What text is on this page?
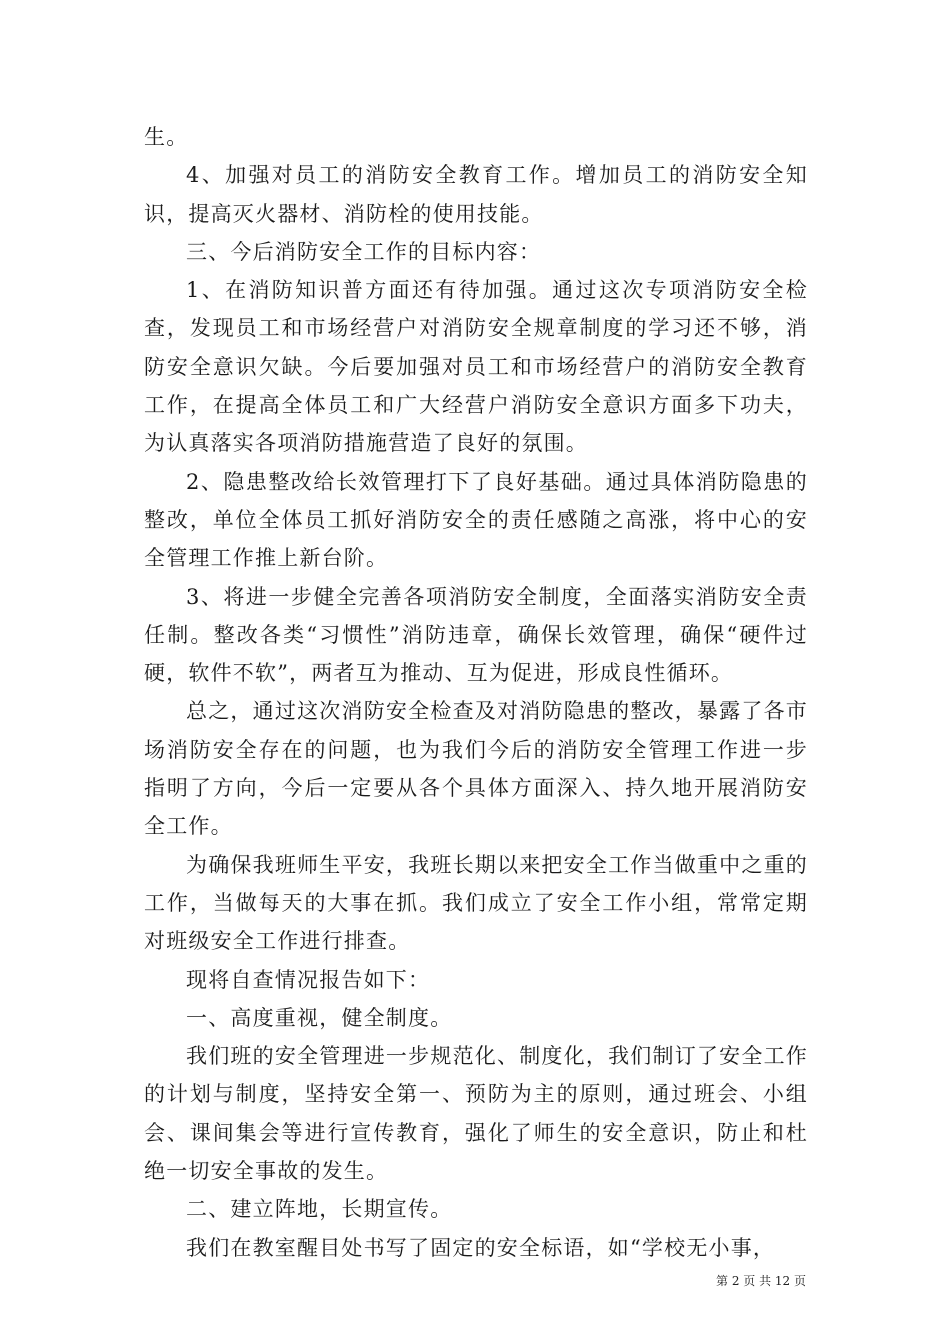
生。

4、加强对员工的消防安全教育工作。增加员工的消防安全知识，提高灭火器材、消防栓的使用技能。

三、今后消防安全工作的目标内容：

1、在消防知识普方面还有待加强。通过这次专项消防安全检查，发现员工和市场经营户对消防安全规章制度的学习还不够，消防安全意识欠缺。今后要加强对员工和市场经营户的消防安全教育工作，在提高全体员工和广大经营户消防安全意识方面多下功夫，为认真落实各项消防措施营造了良好的氛围。

2、隐患整改给长效管理打下了良好基础。通过具体消防隐患的整改，单位全体员工抓好消防安全的责任感随之高涨，将中心的安全管理工作推上新台阶。

3、将进一步健全完善各项消防安全制度，全面落实消防安全责任制。整改各类“习惯性”消防违章，确保长效管理，确保“硬件过硬，软件不软”，两者互为推动、互为促进，形成良性循环。

总之，通过这次消防安全检查及对消防隐患的整改，暴露了各市场消防安全存在的问题，也为我们今后的消防安全管理工作进一步指明了方向，今后一定要从各个具体方面深入、持久地开展消防安全工作。

为确保我班师生平安，我班长期以来把安全工作当做重中之重的工作，当做每天的大事在抓。我们成立了安全工作小组，常常定期对班级安全工作进行排查。

现将自查情况报告如下：

一、高度重视，健全制度。

我们班的安全管理进一步规范化、制度化，我们制订了安全工作的计划与制度，坚持安全第一、预防为主的原则，通过班会、小组会、课间集会等进行宣传教育，强化了师生的安全意识，防止和杜绝一切安全事故的发生。

二、建立阵地，长期宣传。

我们在教室醒目处书写了固定的安全标语，如“学校无小事，

第 2 页 共 12 页
